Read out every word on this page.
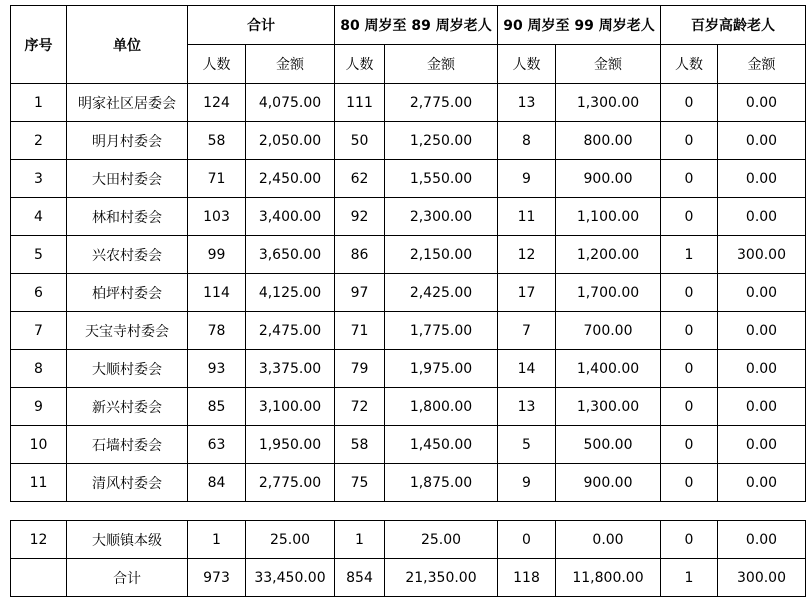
序号	单位	合计		80 周岁至 89 周岁老人		90 周岁至 99 周岁老人		百岁高龄老人	
		人数	金额	人数	金额	人数	金额	人数	金额
1	明家社区居委会	124	4,075.00	111	2,775.00	13	1,300.00	0	0.00
2	明月村委会	58	2,050.00	50	1,250.00	8	800.00	0	0.00
3	大田村委会	71	2,450.00	62	1,550.00	9	900.00	0	0.00
4	林和村委会	103	3,400.00	92	2,300.00	11	1,100.00	0	0.00
5	兴农村委会	99	3,650.00	86	2,150.00	12	1,200.00	1	300.00
6	柏坪村委会	114	4,125.00	97	2,425.00	17	1,700.00	0	0.00
7	天宝寺村委会	78	2,475.00	71	1,775.00	7	700.00	0	0.00
8	大顺村委会	93	3,375.00	79	1,975.00	14	1,400.00	0	0.00
9	新兴村委会	85	3,100.00	72	1,800.00	13	1,300.00	0	0.00
10	石墙村委会	63	1,950.00	58	1,450.00	5	500.00	0	0.00
11	清风村委会	84	2,775.00	75	1,875.00	9	900.00	0	0.00
12	大顺镇本级	1	25.00	1	25.00	0	0.00	0	0.00
	合计	973	33,450.00	854	21,350.00	118	11,800.00	1	300.00
